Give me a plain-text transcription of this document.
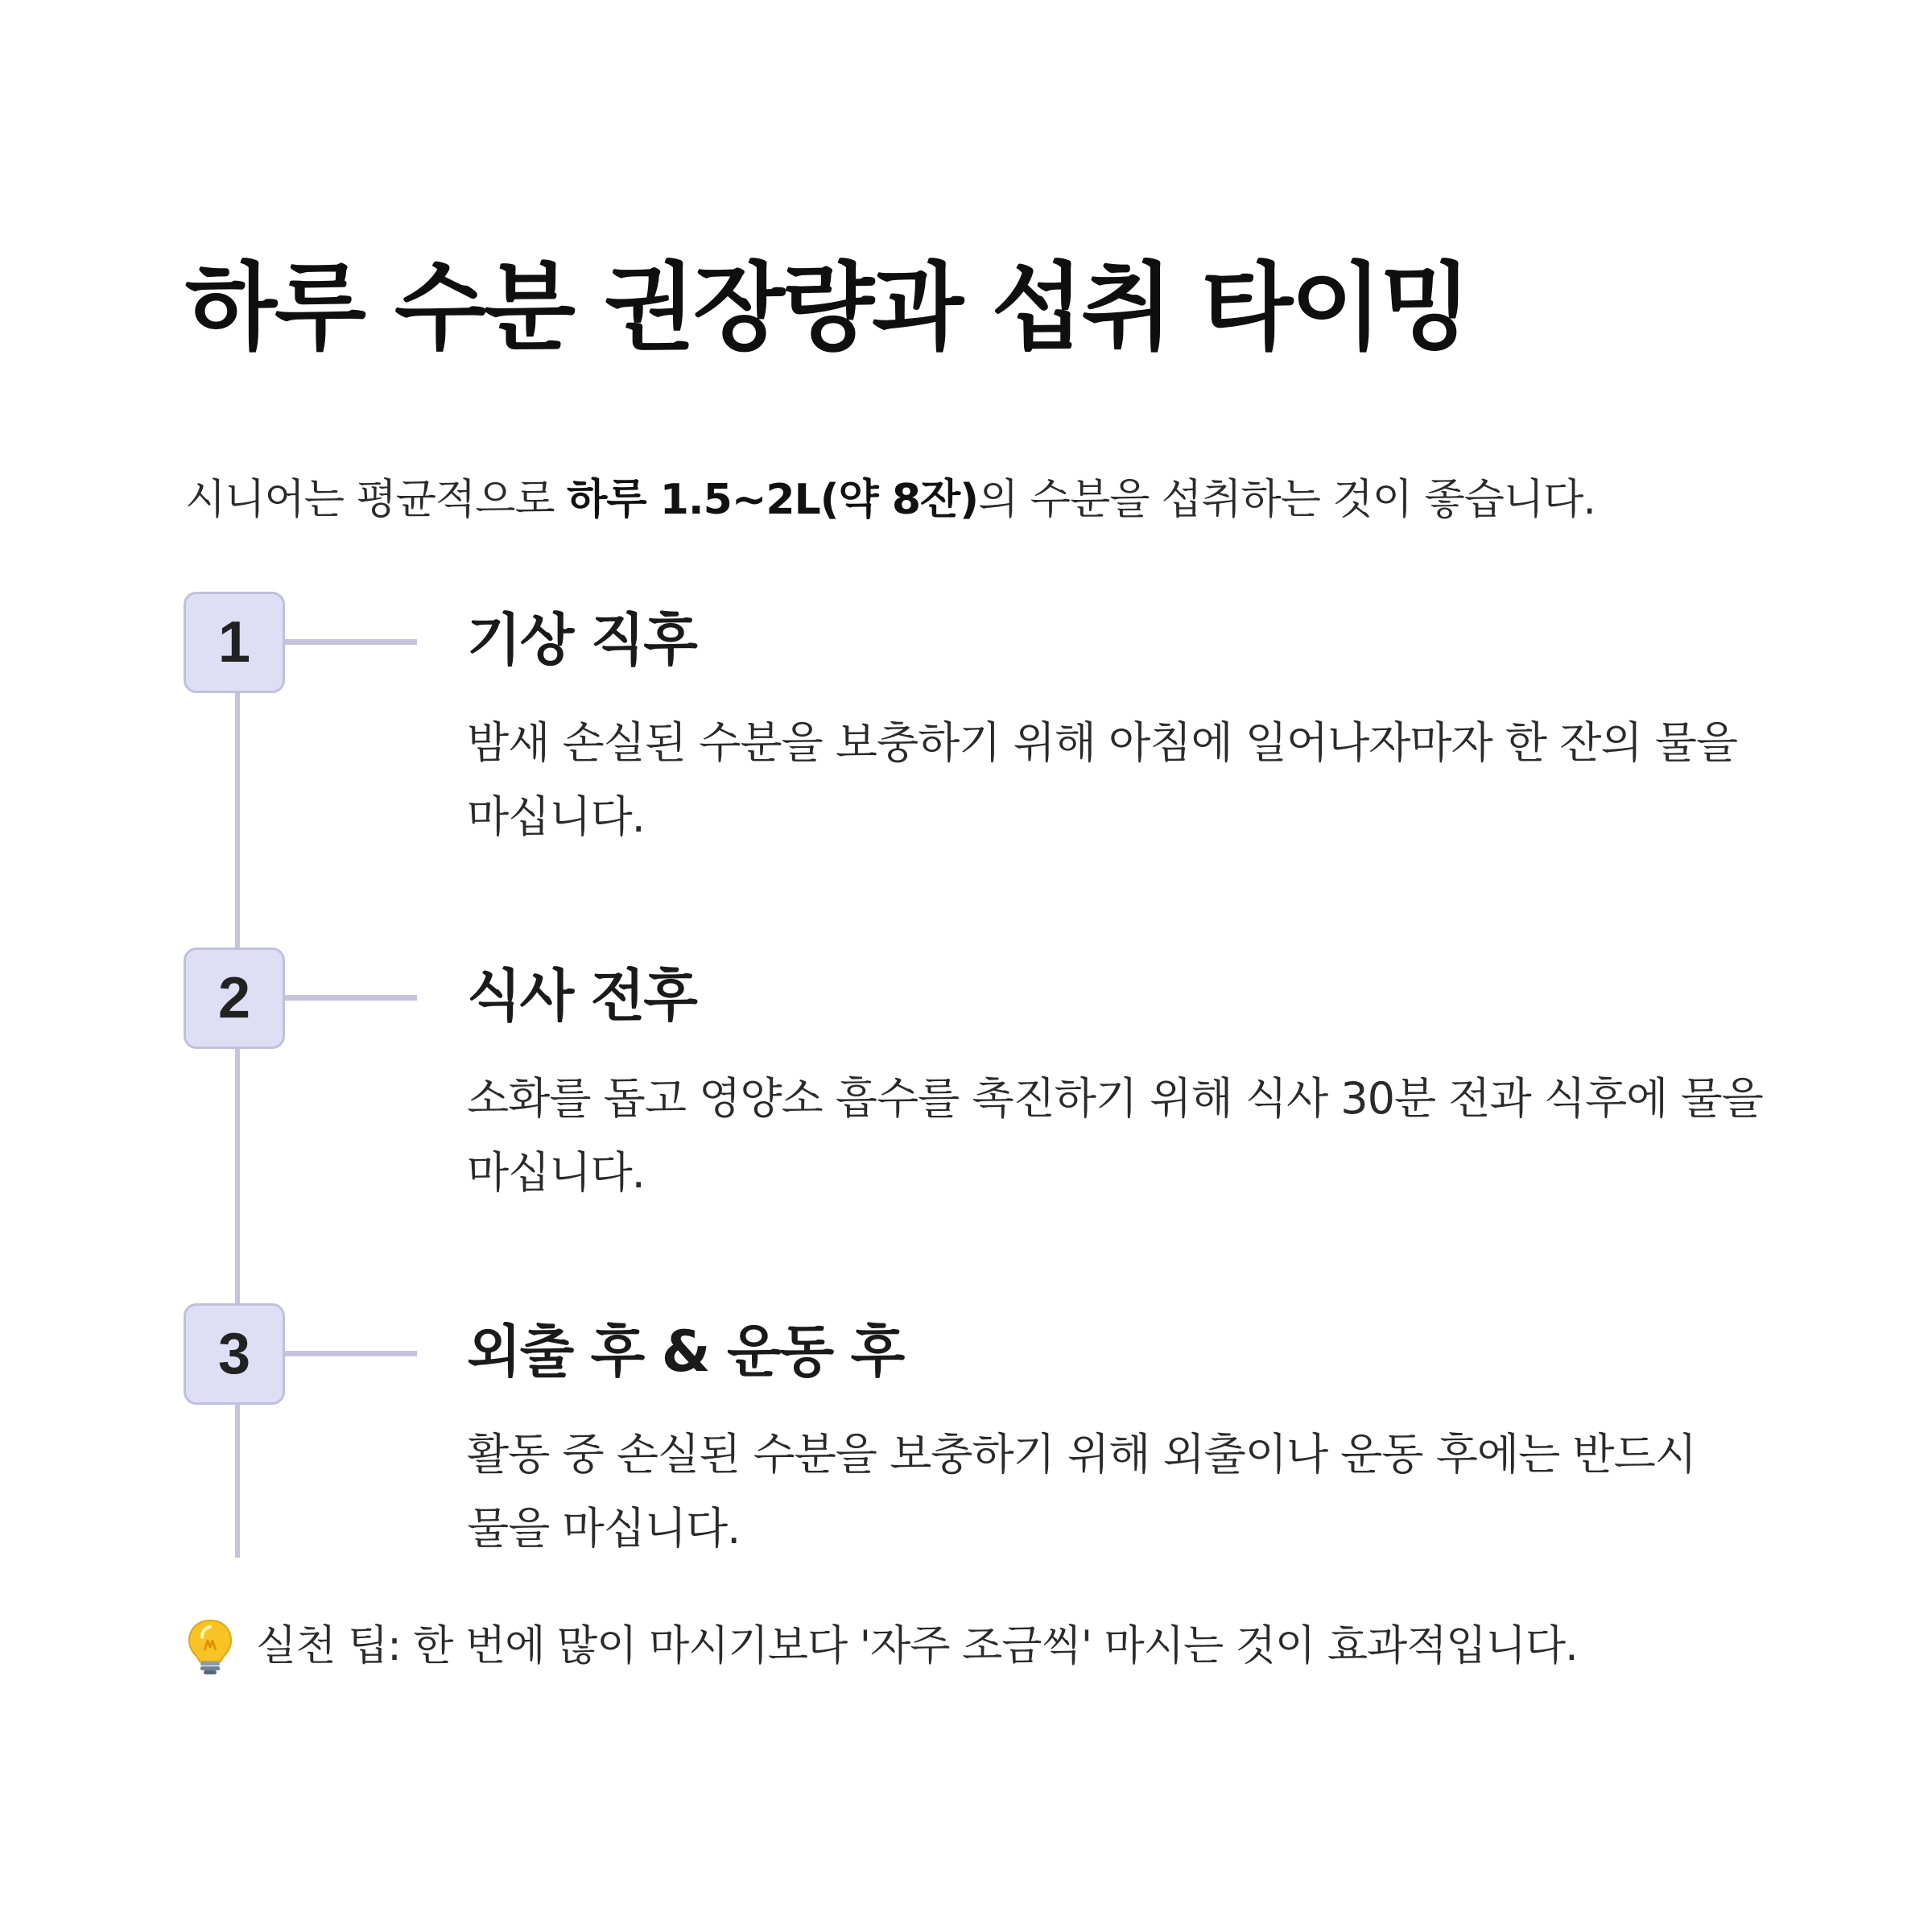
하루 수분 권장량과 섭취 타이밍

시니어는 평균적으로 하루 1.5~2L(약 8잔)의 수분을 섭취하는 것이 좋습니다.

1	기상 직후

밤새 손실된 수분을 보충하기 위해 아침에 일어나자마자 한 잔의 물을 마십니다.

2	식사 전후

소화를 돕고 영양소 흡수를 촉진하기 위해 식사 30분 전과 식후에 물을 마십니다.

3	외출 후 & 운동 후

활동 중 손실된 수분을 보충하기 위해 외출이나 운동 후에는 반드시 물을 마십니다.

실천 팁: 한 번에 많이 마시기보다 '자주 조금씩' 마시는 것이 효과적입니다.
